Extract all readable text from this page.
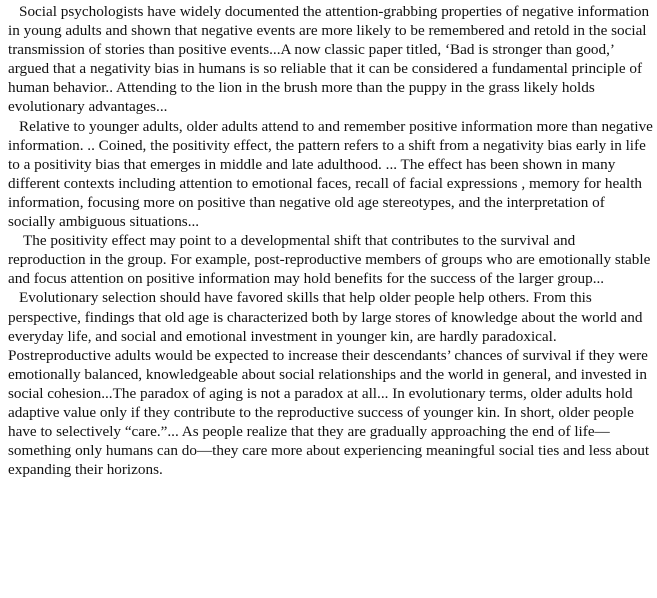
Social psychologists have widely documented the attention-grabbing properties of negative information in young adults and shown that negative events are more likely to be remembered and retold in the social transmission of stories than positive events...A now classic paper titled, ‘Bad is stronger than good,’ argued that a negativity bias in humans is so reliable that it can be considered a fundamental principle of human behavior.. Attending to the lion in the brush more than the puppy in the grass likely holds evolutionary advantages...

Relative to younger adults, older adults attend to and remember positive information more than negative information. .. Coined, the positivity effect, the pattern refers to a shift from a negativity bias early in life to a positivity bias that emerges in middle and late adulthood. ... The effect has been shown in many different contexts including attention to emotional faces, recall of facial expressions , memory for health information, focusing more on positive than negative old age stereotypes, and the interpretation of socially ambiguous situations...

The positivity effect may point to a developmental shift that contributes to the survival and reproduction in the group. For example, post-reproductive members of groups who are emotionally stable and focus attention on positive information may hold benefits for the success of the larger group...

Evolutionary selection should have favored skills that help older people help others. From this perspective, findings that old age is characterized both by large stores of knowledge about the world and everyday life, and social and emotional investment in younger kin, are hardly paradoxical. Postreproductive adults would be expected to increase their descendants’ chances of survival if they were emotionally balanced, knowledgeable about social relationships and the world in general, and invested in social cohesion...The paradox of aging is not a paradox at all... In evolutionary terms, older adults hold adaptive value only if they contribute to the reproductive success of younger kin. In short, older people have to selectively “care.”... As people realize that they are gradually approaching the end of life—something only humans can do—they care more about experiencing meaningful social ties and less about expanding their horizons.
